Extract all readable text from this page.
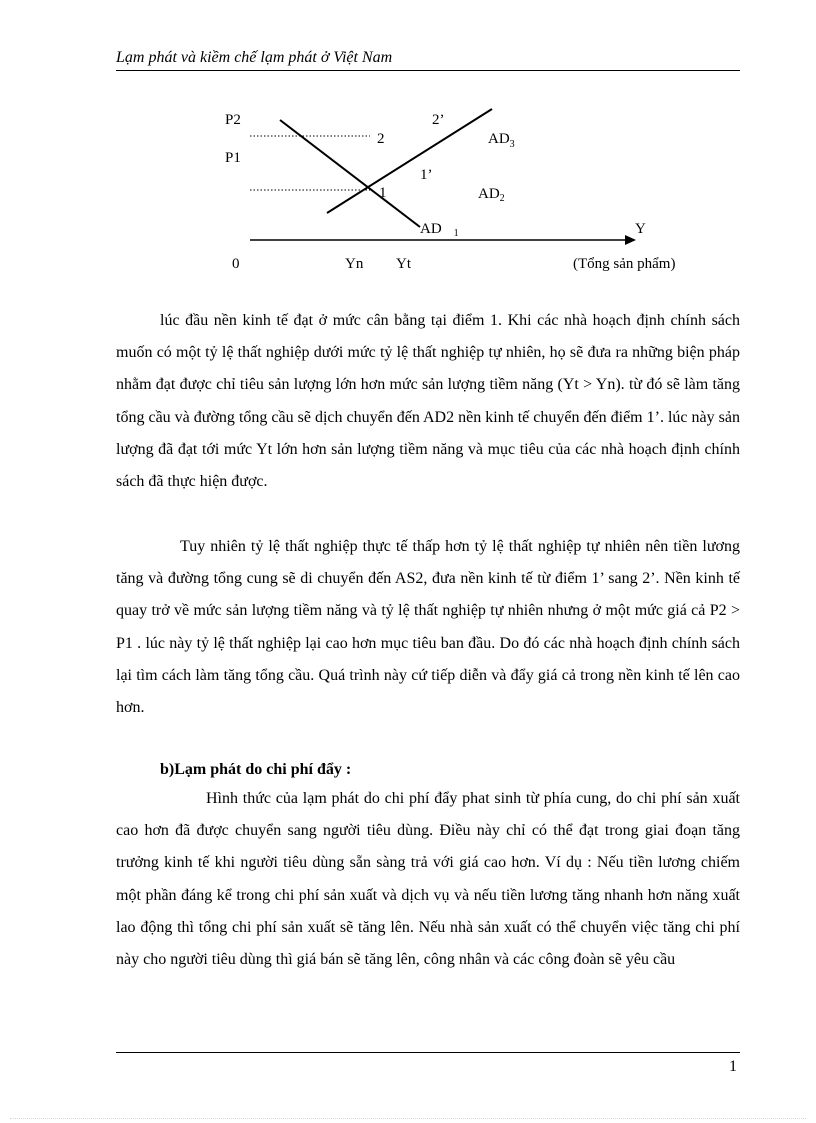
Lạm phát và kiềm chế lạm phát ở Việt Nam
P2
P1
2
2’
1
1’
$AD_3$
$AD_2$
AD $_1$	Y
0	Yn Yt	(Tổng sản phẩm)

lúc đầu nền kinh tế đạt ở mức cân bằng tại điểm 1. Khi các nhà hoạch định chính sách muốn có một tỷ lệ thất nghiệp dưới mức tỷ lệ thất nghiệp tự nhiên, họ sẽ đưa ra những biện pháp nhằm đạt được chỉ tiêu sản lượng lớn hơn mức sản lượng tiềm năng (Yt > Yn). từ đó sẽ làm tăng tổng cầu và đường tổng cầu sẽ dịch chuyển đến AD2 nền kinh tế chuyển đến điểm 1’. lúc này sản lượng đã đạt tới mức Yt lớn hơn sản lượng tiềm năng và mục tiêu của các nhà hoạch định chính sách đã thực hiện được.

Tuy nhiên tỷ lệ thất nghiệp thực tế thấp hơn tỷ lệ thất nghiệp tự nhiên nên tiền lương tăng và đường tổng cung sẽ di chuyển đến AS2, đưa nền kinh tế từ điểm 1’ sang 2’. Nền kinh tế quay trở về mức sản lượng tiềm năng và tỷ lệ thất nghiệp tự nhiên nhưng ở một mức giá cả P2 > P1 . lúc này tỷ lệ thất nghiệp lại cao hơn mục tiêu ban đầu. Do đó các nhà hoạch định chính sách lại tìm cách làm tăng tổng cầu. Quá trình này cứ tiếp diễn và đẩy giá cả trong nền kinh tế lên cao hơn.

b)Lạm phát do chi phí đẩy :

Hình thức của lạm phát do chi phí đẩy phat sinh từ phía cung, do chi phí sản xuất cao hơn đã được chuyển sang người tiêu dùng. Điều này chỉ có thể đạt trong giai đoạn tăng trưởng kinh tế khi người tiêu dùng sẵn sàng trả với giá cao hơn. Ví dụ : Nếu tiền lương chiếm một phần đáng kể trong chi phí sản xuất và dịch vụ và nếu tiền lương tăng nhanh hơn năng xuất lao động thì tổng chi phí sản xuất sẽ tăng lên. Nếu nhà sản xuất có thể chuyển việc tăng chi phí này cho người tiêu dùng thì giá bán sẽ tăng lên, công nhân và các công đoàn sẽ yêu cầu

1
